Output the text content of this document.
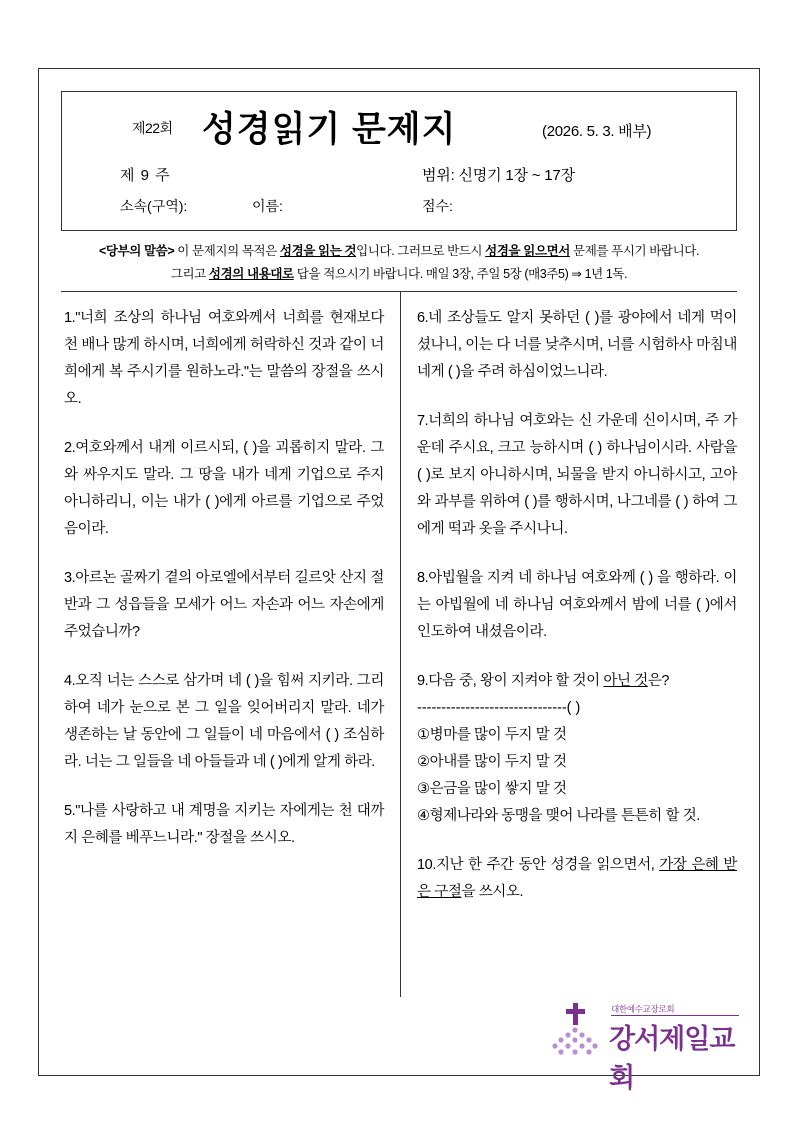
제22회 성경읽기 문제지	(2026. 5. 3. 배부)
제 9 주	범위: 신명기 1장 ~ 17장
소속(구역):	이름:	점수:
<당부의 말씀> 이 문제지의 목적은 성경을 읽는 것입니다. 그러므로 반드시 성경을 읽으면서 문제를 푸시기 바랍니다.
그리고 성경의 내용대로 답을 적으시기 바랍니다. 매일 3장, 주일 5장 (매3주5) ⇒ 1년 1독.
1."너희 조상의 하나님 여호와께서 너희를 현재보다 천 배나 많게 하시며, 너희에게 허락하신 것과 같이 너희에게 복 주시기를 원하노라."는 말씀의 장절을 쓰시오.
2.여호와께서 내게 이르시되, ( )을 괴롭히지 말라. 그와 싸우지도 말라. 그 땅을 내가 네게 기업으로 주지 아니하리니, 이는 내가 ( )에게 아르를 기업으로 주었음이라.
3.아르논 골짜기 곁의 아로엘에서부터 길르앗 산지 절반과 그 성읍들을 모세가 어느 자손과 어느 자손에게 주었습니까?
4.오직 너는 스스로 삼가며 네 ( )을 힘써 지키라. 그리하여 네가 눈으로 본 그 일을 잊어버리지 말라. 네가 생존하는 날 동안에 그 일들이 네 마음에서 ( ) 조심하라. 너는 그 일들을 네 아들들과 네 ( )에게 알게 하라.
5."나를 사랑하고 내 계명을 지키는 자에게는 천 대까지 은혜를 베푸느니라." 장절을 쓰시오.
6.네 조상들도 알지 못하던 ( )를 광야에서 네게 먹이셨나니, 이는 다 너를 낮추시며, 너를 시험하사 마침내 네게 ( )을 주려 하심이었느니라.
7.너희의 하나님 여호와는 신 가운데 신이시며, 주 가운데 주시요, 크고 능하시며 ( ) 하나님이시라. 사람을 ( )로 보지 아니하시며, 뇌물을 받지 아니하시고, 고아와 과부를 위하여 ( )를 행하시며, 나그네를 ( ) 하여 그에게 떡과 옷을 주시나니.
8.아빕월을 지켜 네 하나님 여호와께 ( ) 을 행하라. 이는 아빕월에 네 하나님 여호와께서 밤에 너를 ( )에서 인도하여 내셨음이라.
9.다음 중, 왕이 지켜야 할 것이 아닌 것은?
-------------------------------( )
①병마를 많이 두지 말 것
②아내를 많이 두지 말 것
③은금을 많이 쌓지 말 것
④형제나라와 동맹을 맺어 나라를 튼튼히 할 것.
10.지난 한 주간 동안 성경을 읽으면서, 가장 은혜 받은 구절을 쓰시오.
대한예수교장로회
강서제일교회
